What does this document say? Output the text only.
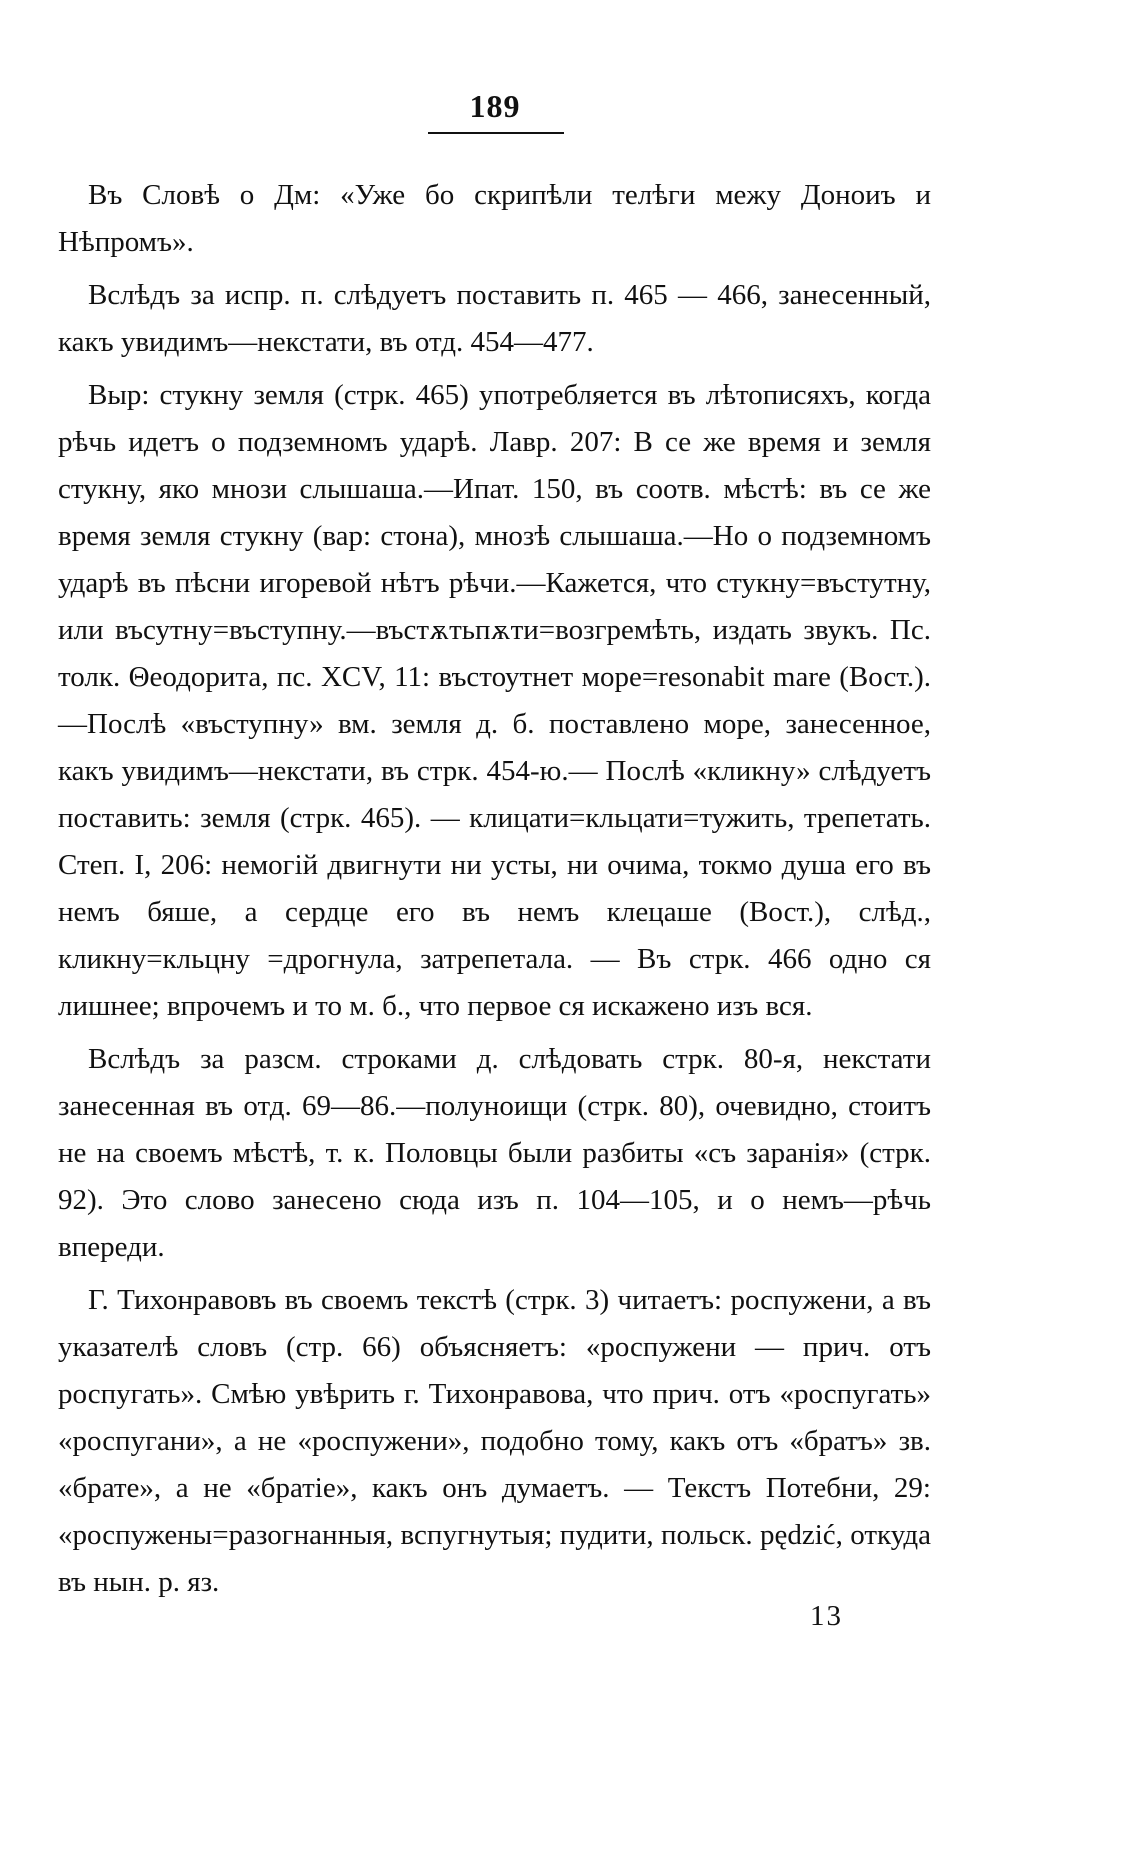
189

Въ Словѣ о Дм: «Уже бо скрипѣли телѣги межу Доноиъ и Нѣпромъ».

Вслѣдъ за испр. п. слѣдуетъ поставить п. 465 — 466, занесенный, какъ увидимъ—некстати, въ отд. 454—477.

Выр: стукну земля (стрк. 465) употребляется въ лѣтописяхъ, когда рѣчь идетъ о подземномъ ударѣ. Лавр. 207: В се же время и земля стукну, яко мнози слышаша.—Ипат. 150, въ соотв. мѣстѣ: въ се же время земля стукну (вар: стона), мнозѣ слышаша.—Но о подземномъ ударѣ въ пѣсни игоревой нѣтъ рѣчи.—Кажется, что стукну=въстутну, или въсутну=въступну.—въстѫтьпѫти=возгремѣть, издать звукъ. Пс. толк. Θеодорита, пс. XCV, 11: въстоутнет море=resonabit mare (Вост.).—Послѣ «въступну» вм. земля д. б. поставлено море, занесенное, какъ увидимъ—некстати, въ стрк. 454-ю.— Послѣ «кликну» слѣдуетъ поставить: земля (стрк. 465). — клицати=кльцати=тужить, трепетать. Степ. I, 206: немогій двигнути ни усты, ни очима, токмо душа его въ немъ бяше, а сердце его въ немъ клецаше (Вост.), слѣд., кликну=кльцну =дрогнула, затрепетала. — Въ стрк. 466 одно ся лишнее; впрочемъ и то м. б., что первое ся искажено изъ вся.

Вслѣдъ за разсм. строками д. слѣдовать стрк. 80-я, некстати занесенная въ отд. 69—86.—полуноищи (стрк. 80), очевидно, стоитъ не на своемъ мѣстѣ, т. к. Половцы были разбиты «съ заранія» (стрк. 92). Это слово занесено сюда изъ п. 104—105, и о немъ—рѣчь впереди.

Г. Тихонравовъ въ своемъ текстѣ (стрк. 3) читаетъ: роспужени, а въ указателѣ словъ (стр. 66) объясняетъ: «роспужени — прич. отъ роспугать». Смѣю увѣрить г. Тихонравова, что прич. отъ «роспугать» «роспугани», а не «роспужени», подобно тому, какъ отъ «братъ» зв. «брате», а не «братіе», какъ онъ думаетъ. — Текстъ Потебни, 29: «роспужены=разогнанныя, вспугнутыя; пудити, польск. pędzić, откуда въ нын. р. яз.

13
